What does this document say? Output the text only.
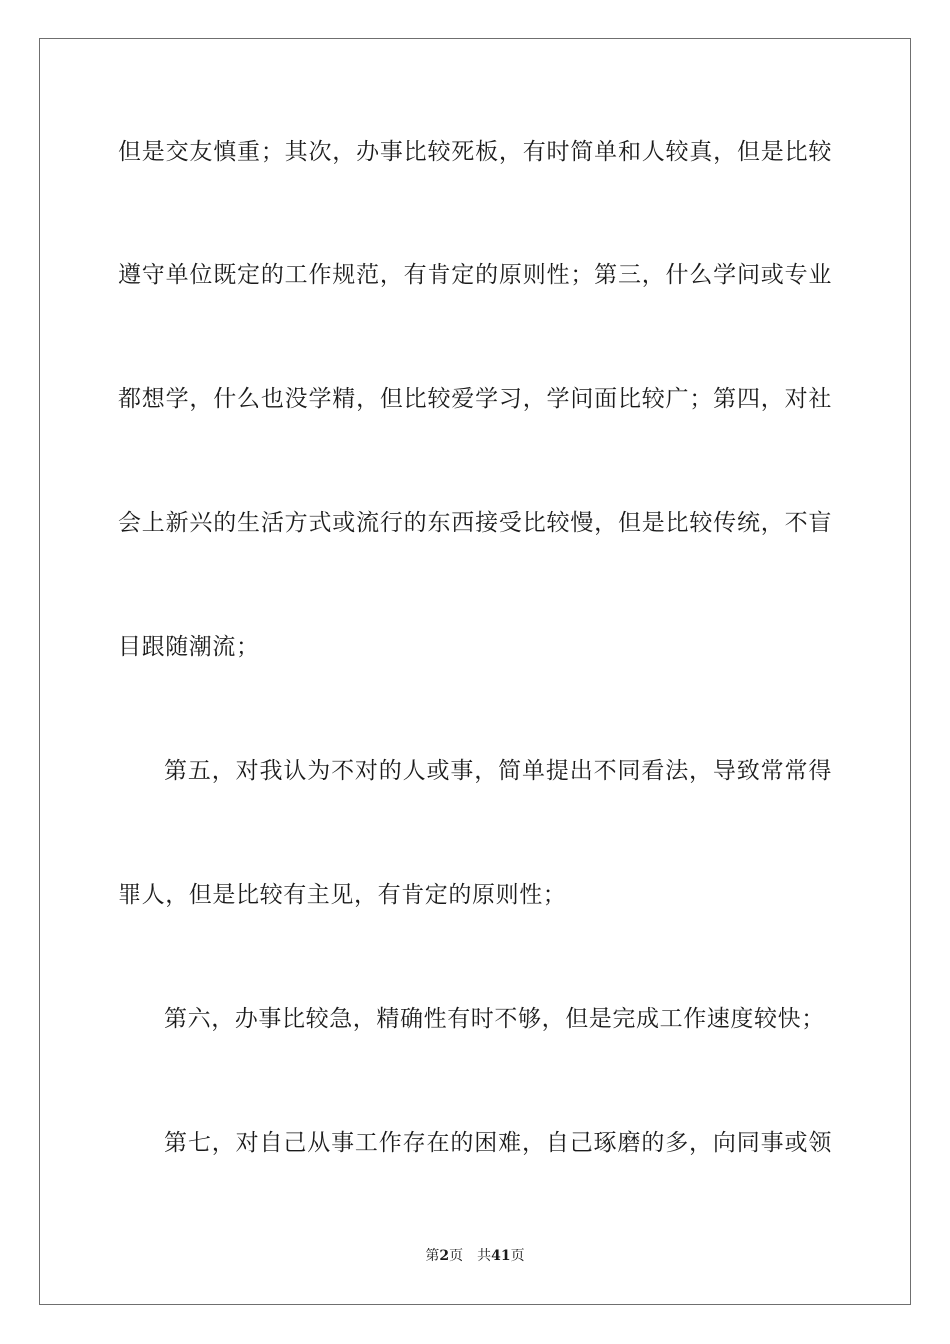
但是交友慎重；其次，办事比较死板，有时简单和人较真，但是比较
遵守单位既定的工作规范，有肯定的原则性；第三，什么学问或专业
都想学，什么也没学精，但比较爱学习，学问面比较广；第四，对社
会上新兴的生活方式或流行的东西接受比较慢，但是比较传统，不盲
目跟随潮流；
第五，对我认为不对的人或事，简单提出不同看法，导致常常得
罪人，但是比较有主见，有肯定的原则性；
第六，办事比较急，精确性有时不够，但是完成工作速度较快；
第七，对自己从事工作存在的困难，自己琢磨的多，向同事或领
第2页 共41页
